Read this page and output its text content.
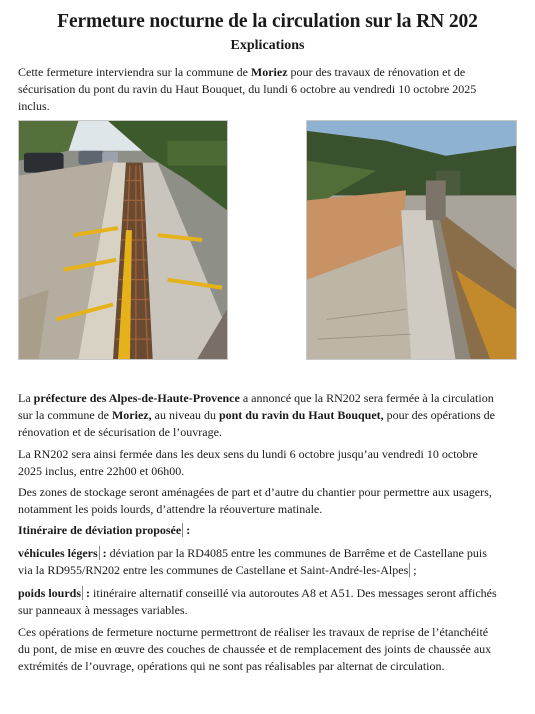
Fermeture nocturne de la circulation sur la RN 202
Explications

Cette fermeture interviendra sur la commune de Moriez pour des travaux de rénovation et de sécurisation du pont du ravin du Haut Bouquet, du lundi 6 octobre au vendredi 10 octobre 2025 inclus.

La préfecture des Alpes-de-Haute-Provence a annoncé que la RN202 sera fermée à la circulation sur la commune de Moriez, au niveau du pont du ravin du Haut Bouquet, pour des opérations de rénovation et de sécurisation de l’ouvrage.

La RN202 sera ainsi fermée dans les deux sens du lundi 6 octobre jusqu’au vendredi 10 octobre 2025 inclus, entre 22h00 et 06h00.

Des zones de stockage seront aménagées de part et d’autre du chantier pour permettre aux usagers, notamment les poids lourds, d’attendre la réouverture matinale.

Itinéraire de déviation proposée :

véhicules légers : déviation par la RD4085 entre les communes de Barrême et de Castellane puis via la RD955/RN202 entre les communes de Castellane et Saint-André-les-Alpes ;

poids lourds : itinéraire alternatif conseillé via autoroutes A8 et A51. Des messages seront affichés sur panneaux à messages variables.

Ces opérations de fermeture nocturne permettront de réaliser les travaux de reprise de l’étanchéité du pont, de mise en œuvre des couches de chaussée et de remplacement des joints de chaussée aux extrémités de l’ouvrage, opérations qui ne sont pas réalisables par alternat de circulation.
